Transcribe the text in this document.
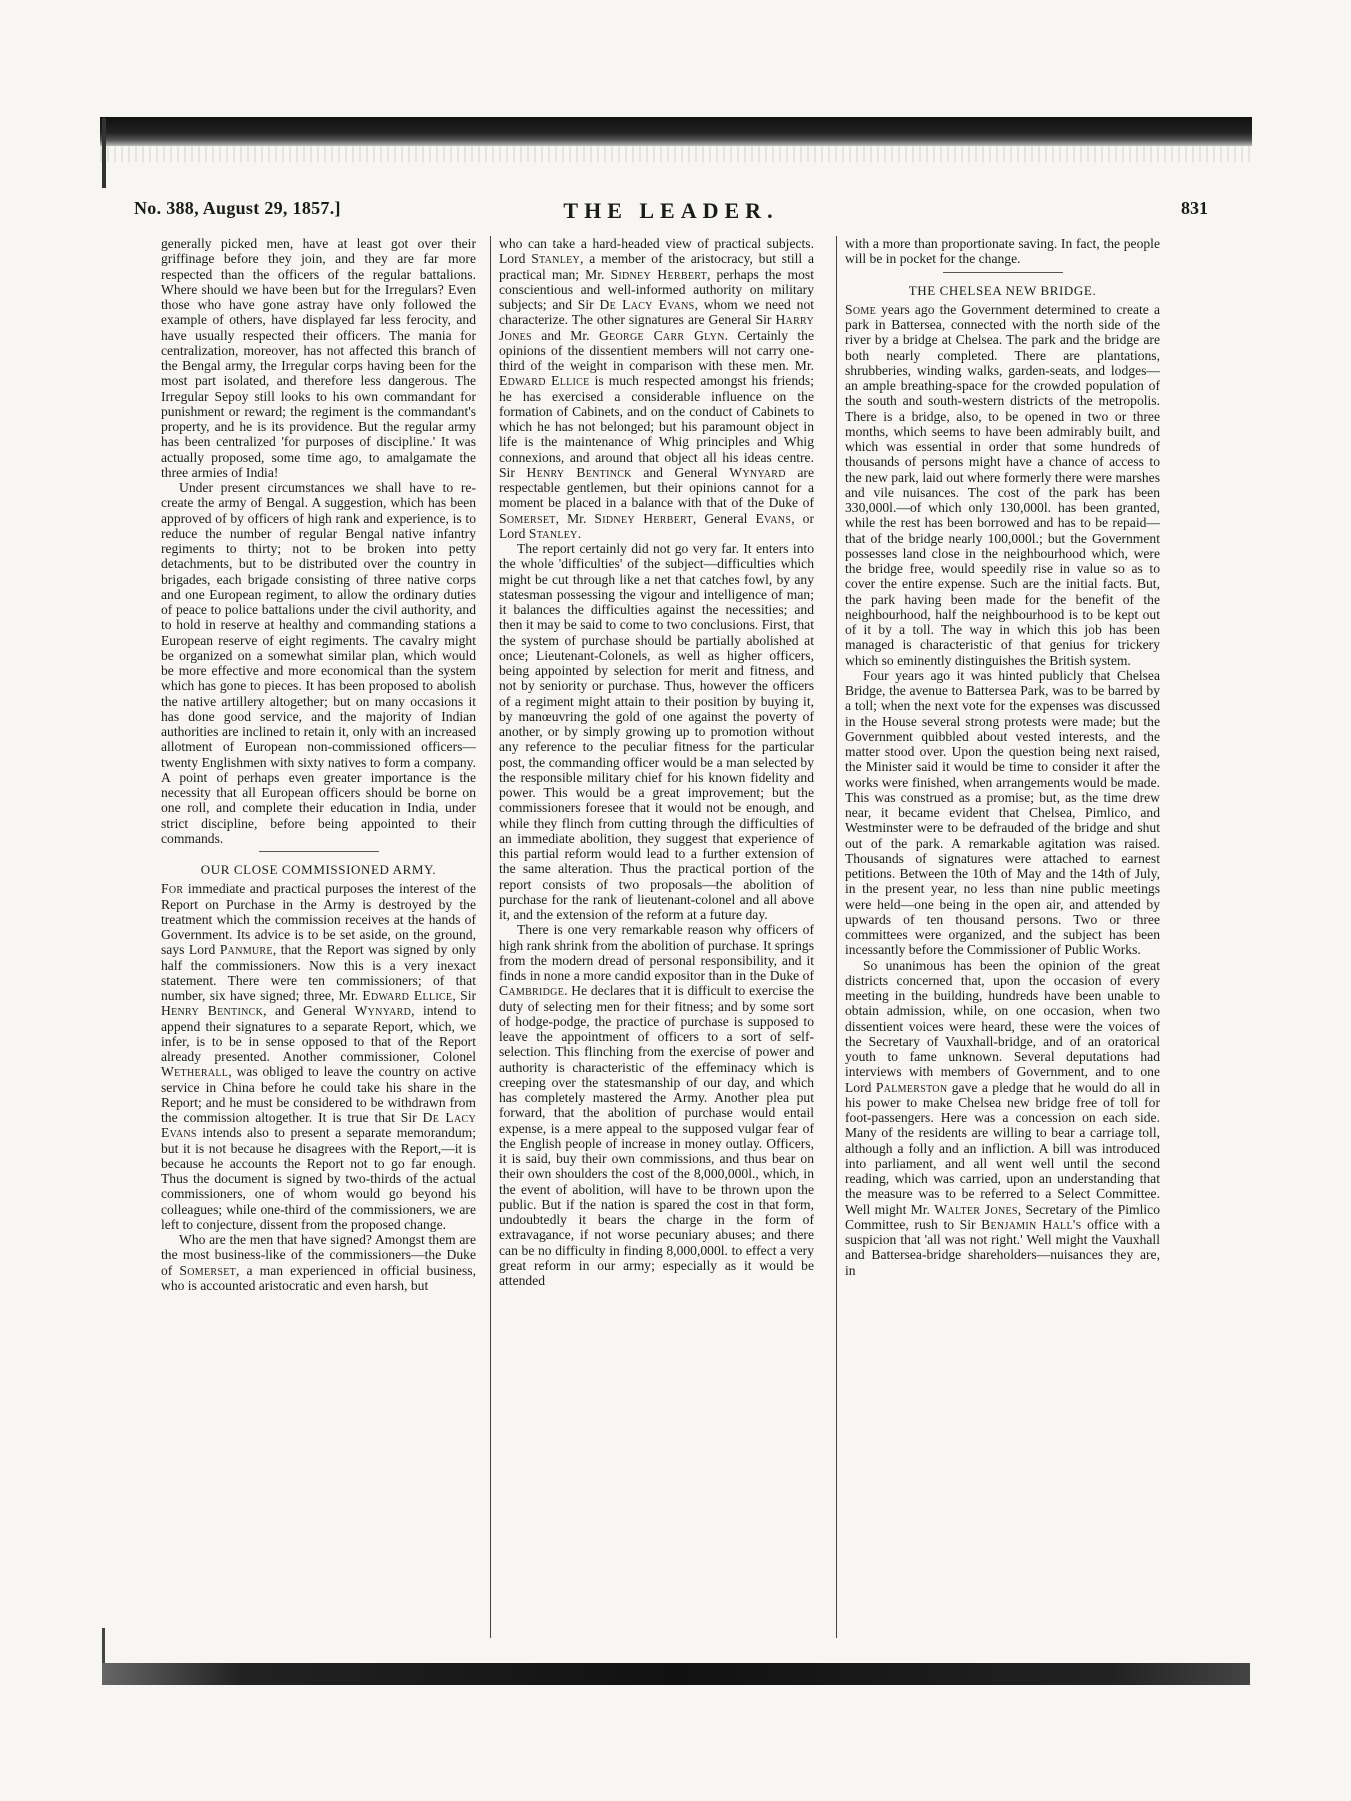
No. 388, August 29, 1857.]	THE LEADER.	831

generally picked men, have at least got over their griffinage before they join, and they are far more respected than the officers of the regular battalions. Where should we have been but for the Irregulars? Even those who have gone astray have only followed the example of others, have displayed far less ferocity, and have usually respected their officers. The mania for centralization, moreover, has not affected this branch of the Bengal army, the Irregular corps having been for the most part isolated, and therefore less dangerous. The Irregular Sepoy still looks to his own commandant for punishment or reward; the regiment is the commandant's property, and he is its providence. But the regular army has been centralized 'for purposes of discipline.' It was actually proposed, some time ago, to amalgamate the three armies of India!

Under present circumstances we shall have to re-create the army of Bengal. A suggestion, which has been approved of by officers of high rank and experience, is to reduce the number of regular Bengal native infantry regiments to thirty; not to be broken into petty detachments, but to be distributed over the country in brigades, each brigade consisting of three native corps and one European regiment, to allow the ordinary duties of peace to police battalions under the civil authority, and to hold in reserve at healthy and commanding stations a European reserve of eight regiments. The cavalry might be organized on a somewhat similar plan, which would be more effective and more economical than the system which has gone to pieces. It has been proposed to abolish the native artillery altogether; but on many occasions it has done good service, and the majority of Indian authorities are inclined to retain it, only with an increased allotment of European non-commissioned officers—twenty Englishmen with sixty natives to form a company. A point of perhaps even greater importance is the necessity that all European officers should be borne on one roll, and complete their education in India, under strict discipline, before being appointed to their commands.

OUR CLOSE COMMISSIONED ARMY.

For immediate and practical purposes the interest of the Report on Purchase in the Army is destroyed by the treatment which the commission receives at the hands of Government. Its advice is to be set aside, on the ground, says Lord Panmure, that the Report was signed by only half the commissioners. Now this is a very inexact statement. There were ten commissioners; of that number, six have signed; three, Mr. Edward Ellice, Sir Henry Bentinck, and General Wynyard, intend to append their signatures to a separate Report, which, we infer, is to be in sense opposed to that of the Report already presented. Another commissioner, Colonel Wetherall, was obliged to leave the country on active service in China before he could take his share in the Report; and he must be considered to be withdrawn from the commission altogether. It is true that Sir De Lacy Evans intends also to present a separate memorandum; but it is not because he disagrees with the Report,—it is because he accounts the Report not to go far enough. Thus the document is signed by two-thirds of the actual commissioners, one of whom would go beyond his colleagues; while one-third of the commissioners, we are left to conjecture, dissent from the proposed change.

Who are the men that have signed? Amongst them are the most business-like of the commissioners—the Duke of Somerset, a man experienced in official business, who is accounted aristocratic and even harsh, but

who can take a hard-headed view of practical subjects. Lord Stanley, a member of the aristocracy, but still a practical man; Mr. Sidney Herbert, perhaps the most conscientious and well-informed authority on military subjects; and Sir De Lacy Evans, whom we need not characterize. The other signatures are General Sir Harry Jones and Mr. George Carr Glyn. Certainly the opinions of the dissentient members will not carry one-third of the weight in comparison with these men. Mr. Edward Ellice is much respected amongst his friends; he has exercised a considerable influence on the formation of Cabinets, and on the conduct of Cabinets to which he has not belonged; but his paramount object in life is the maintenance of Whig principles and Whig connexions, and around that object all his ideas centre. Sir Henry Bentinck and General Wynyard are respectable gentlemen, but their opinions cannot for a moment be placed in a balance with that of the Duke of Somerset, Mr. Sidney Herbert, General Evans, or Lord Stanley.

The report certainly did not go very far. It enters into the whole 'difficulties' of the subject—difficulties which might be cut through like a net that catches fowl, by any statesman possessing the vigour and intelligence of man; it balances the difficulties against the necessities; and then it may be said to come to two conclusions. First, that the system of purchase should be partially abolished at once; Lieutenant-Colonels, as well as higher officers, being appointed by selection for merit and fitness, and not by seniority or purchase. Thus, however the officers of a regiment might attain to their position by buying it, by manœuvring the gold of one against the poverty of another, or by simply growing up to promotion without any reference to the peculiar fitness for the particular post, the commanding officer would be a man selected by the responsible military chief for his known fidelity and power. This would be a great improvement; but the commissioners foresee that it would not be enough, and while they flinch from cutting through the difficulties of an immediate abolition, they suggest that experience of this partial reform would lead to a further extension of the same alteration. Thus the practical portion of the report consists of two proposals—the abolition of purchase for the rank of lieutenant-colonel and all above it, and the extension of the reform at a future day.

There is one very remarkable reason why officers of high rank shrink from the abolition of purchase. It springs from the modern dread of personal responsibility, and it finds in none a more candid expositor than in the Duke of Cambridge. He declares that it is difficult to exercise the duty of selecting men for their fitness; and by some sort of hodge-podge, the practice of purchase is supposed to leave the appointment of officers to a sort of self-selection. This flinching from the exercise of power and authority is characteristic of the effeminacy which is creeping over the statesmanship of our day, and which has completely mastered the Army. Another plea put forward, that the abolition of purchase would entail expense, is a mere appeal to the supposed vulgar fear of the English people of increase in money outlay. Officers, it is said, buy their own commissions, and thus bear on their own shoulders the cost of the 8,000,000l., which, in the event of abolition, will have to be thrown upon the public. But if the nation is spared the cost in that form, undoubtedly it bears the charge in the form of extravagance, if not worse pecuniary abuses; and there can be no difficulty in finding 8,000,000l. to effect a very great reform in our army; especially as it would be attended

with a more than proportionate saving. In fact, the people will be in pocket for the change.

THE CHELSEA NEW BRIDGE.

Some years ago the Government determined to create a park in Battersea, connected with the north side of the river by a bridge at Chelsea. The park and the bridge are both nearly completed. There are plantations, shrubberies, winding walks, garden-seats, and lodges—an ample breathing-space for the crowded population of the south and south-western districts of the metropolis. There is a bridge, also, to be opened in two or three months, which seems to have been admirably built, and which was essential in order that some hundreds of thousands of persons might have a chance of access to the new park, laid out where formerly there were marshes and vile nuisances. The cost of the park has been 330,000l.—of which only 130,000l. has been granted, while the rest has been borrowed and has to be repaid—that of the bridge nearly 100,000l.; but the Government possesses land close in the neighbourhood which, were the bridge free, would speedily rise in value so as to cover the entire expense. Such are the initial facts. But, the park having been made for the benefit of the neighbourhood, half the neighbourhood is to be kept out of it by a toll. The way in which this job has been managed is characteristic of that genius for trickery which so eminently distinguishes the British system.

Four years ago it was hinted publicly that Chelsea Bridge, the avenue to Battersea Park, was to be barred by a toll; when the next vote for the expenses was discussed in the House several strong protests were made; but the Government quibbled about vested interests, and the matter stood over. Upon the question being next raised, the Minister said it would be time to consider it after the works were finished, when arrangements would be made. This was construed as a promise; but, as the time drew near, it became evident that Chelsea, Pimlico, and Westminster were to be defrauded of the bridge and shut out of the park. A remarkable agitation was raised. Thousands of signatures were attached to earnest petitions. Between the 10th of May and the 14th of July, in the present year, no less than nine public meetings were held—one being in the open air, and attended by upwards of ten thousand persons. Two or three committees were organized, and the subject has been incessantly before the Commissioner of Public Works.

So unanimous has been the opinion of the great districts concerned that, upon the occasion of every meeting in the building, hundreds have been unable to obtain admission, while, on one occasion, when two dissentient voices were heard, these were the voices of the Secretary of Vauxhall-bridge, and of an oratorical youth to fame unknown. Several deputations had interviews with members of Government, and to one Lord Palmerston gave a pledge that he would do all in his power to make Chelsea new bridge free of toll for foot-passengers. Here was a concession on each side. Many of the residents are willing to bear a carriage toll, although a folly and an infliction. A bill was introduced into parliament, and all went well until the second reading, which was carried, upon an understanding that the measure was to be referred to a Select Committee. Well might Mr. Walter Jones, Secretary of the Pimlico Committee, rush to Sir Benjamin Hall's office with a suspicion that 'all was not right.' Well might the Vauxhall and Battersea-bridge shareholders—nuisances they are, in
